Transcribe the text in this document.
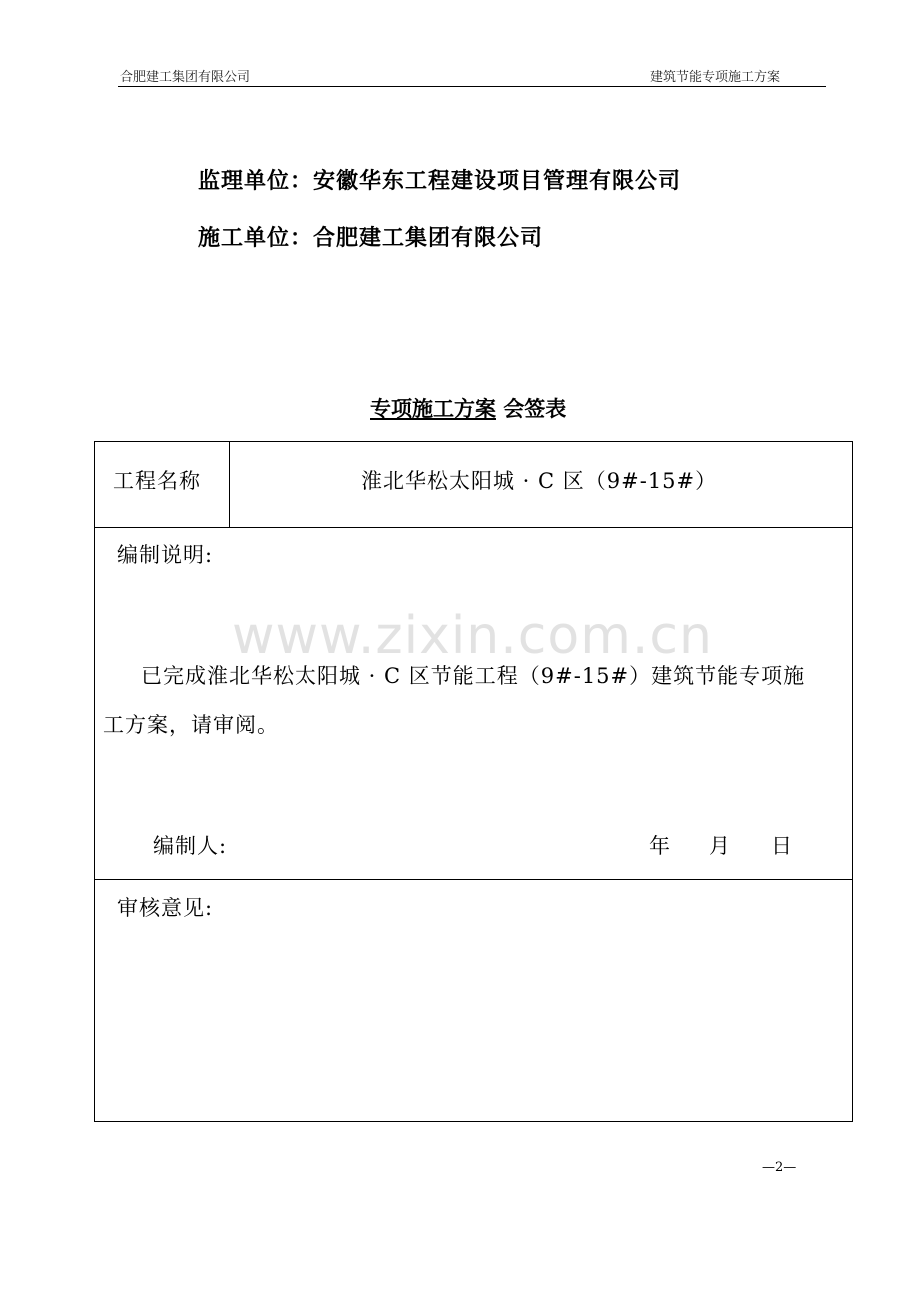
合肥建工集团有限公司	建筑节能专项施工方案
监理单位：安徽华东工程建设项目管理有限公司
施工单位：合肥建工集团有限公司
专项施工方案 会签表
工程名称	淮北华松太阳城 · C 区（9#-15#）
编制说明:
已完成淮北华松太阳城 · C 区节能工程（9#-15#）建筑节能专项施
工方案，请审阅。
编制人:	年 月 日
审核意见:
www.zixin.com.cn
—2—
